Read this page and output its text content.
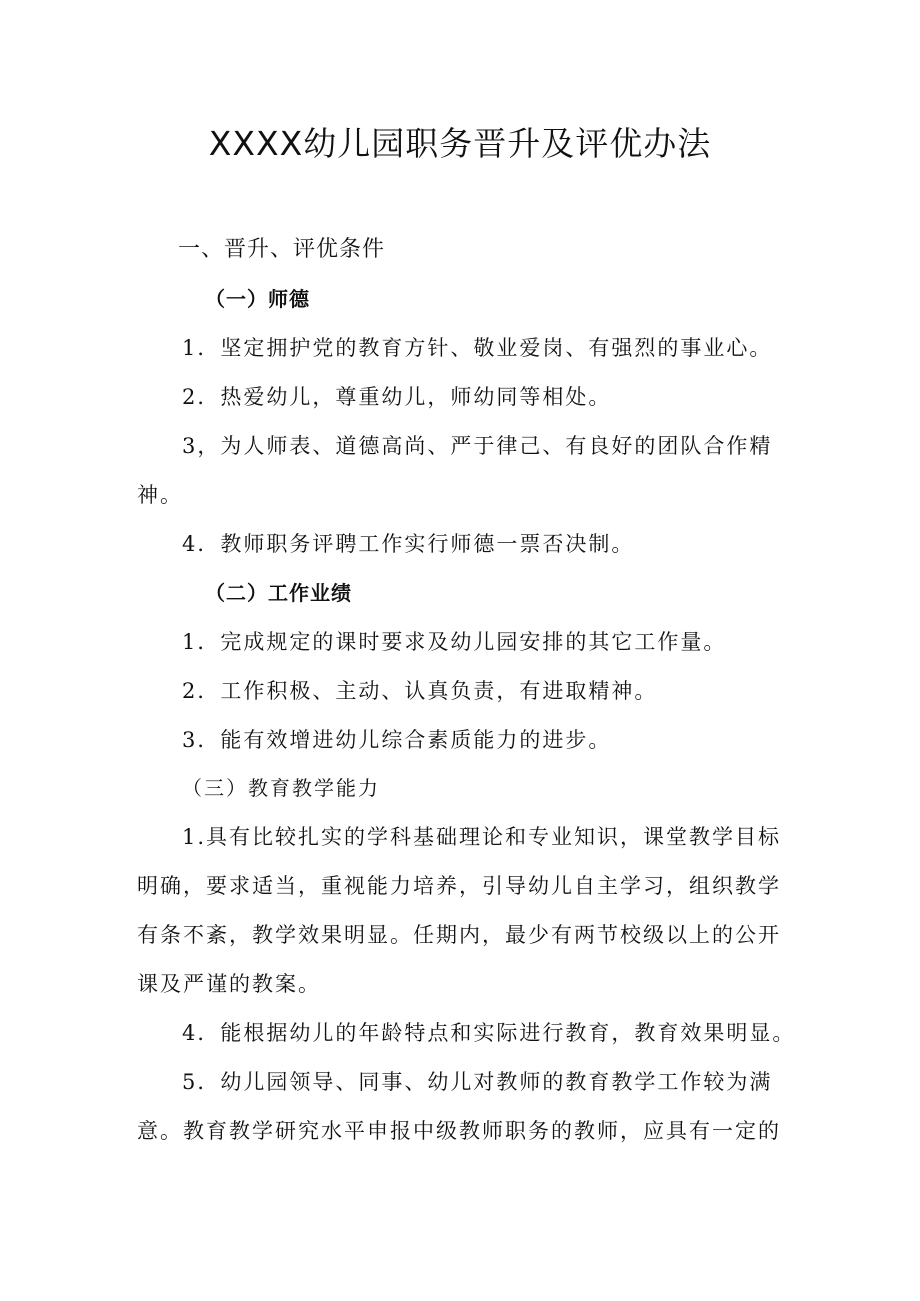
XXXX幼儿园职务晋升及评优办法
一、晋升、评优条件
（一）师德
1．坚定拥护党的教育方针、敬业爱岗、有强烈的事业心。
2．热爱幼儿，尊重幼儿，师幼同等相处。
3，为人师表、道德高尚、严于律己、有良好的团队合作精
神。
4．教师职务评聘工作实行师德一票否决制。
（二）工作业绩
1．完成规定的课时要求及幼儿园安排的其它工作量。
2．工作积极、主动、认真负责，有进取精神。
3．能有效增进幼儿综合素质能力的进步。
（三）教育教学能力
1.具有比较扎实的学科基础理论和专业知识，课堂教学目标
明确，要求适当，重视能力培养，引导幼儿自主学习，组织教学
有条不紊，教学效果明显。任期内，最少有两节校级以上的公开
课及严谨的教案。
4．能根据幼儿的年龄特点和实际进行教育，教育效果明显。
5．幼儿园领导、同事、幼儿对教师的教育教学工作较为满
意。教育教学研究水平申报中级教师职务的教师，应具有一定的
